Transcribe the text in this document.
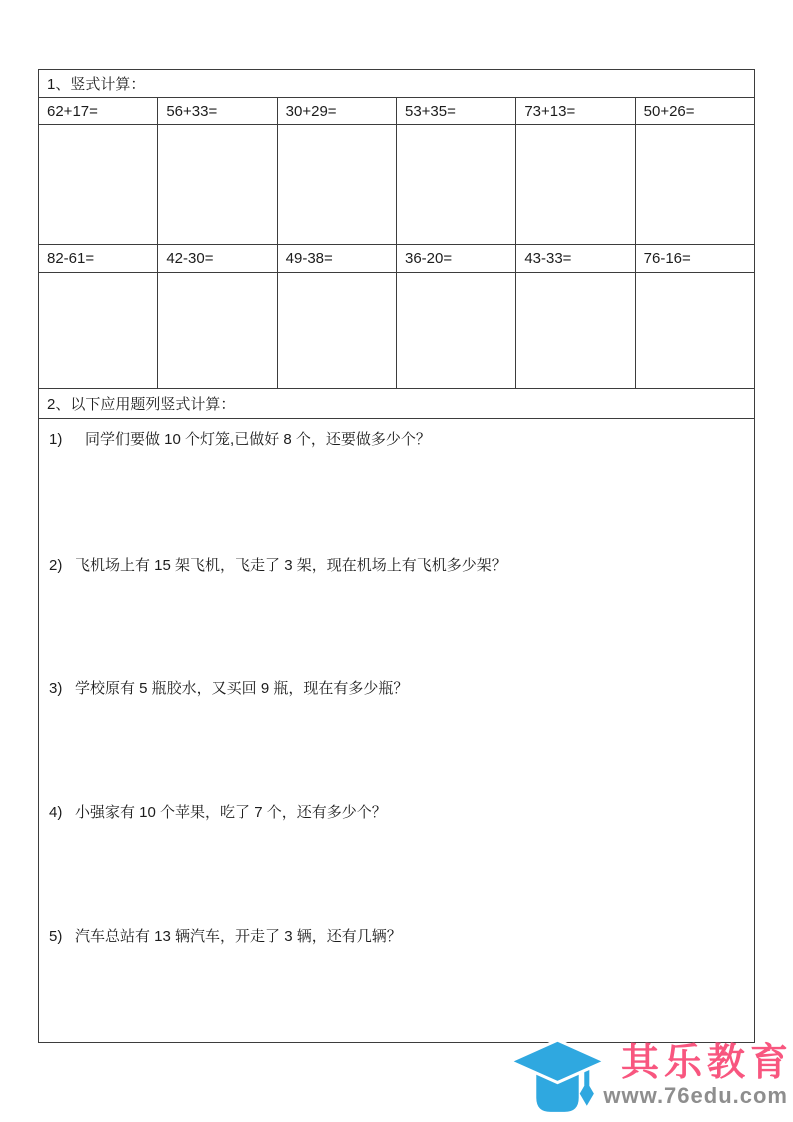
1、竖式计算：					
62+17=	56+33=	30+29=	53+35=	73+13=	50+26=

82-61=	42-30=	49-38=	36-20=	43-33=	76-16=

2、以下应用题列竖式计算：					

1)	同学们要做 10 个灯笼,已做好 8 个，还要做多少个？
2) 飞机场上有 15 架飞机，飞走了 3 架，现在机场上有飞机多少架？
3) 学校原有 5 瓶胶水，又买回 9 瓶，现在有多少瓶？
4) 小强家有 10 个苹果，吃了 7 个，还有多少个？
5) 汽车总站有 13 辆汽车，开走了 3 辆，还有几辆？
其乐教育
www.76edu.com
